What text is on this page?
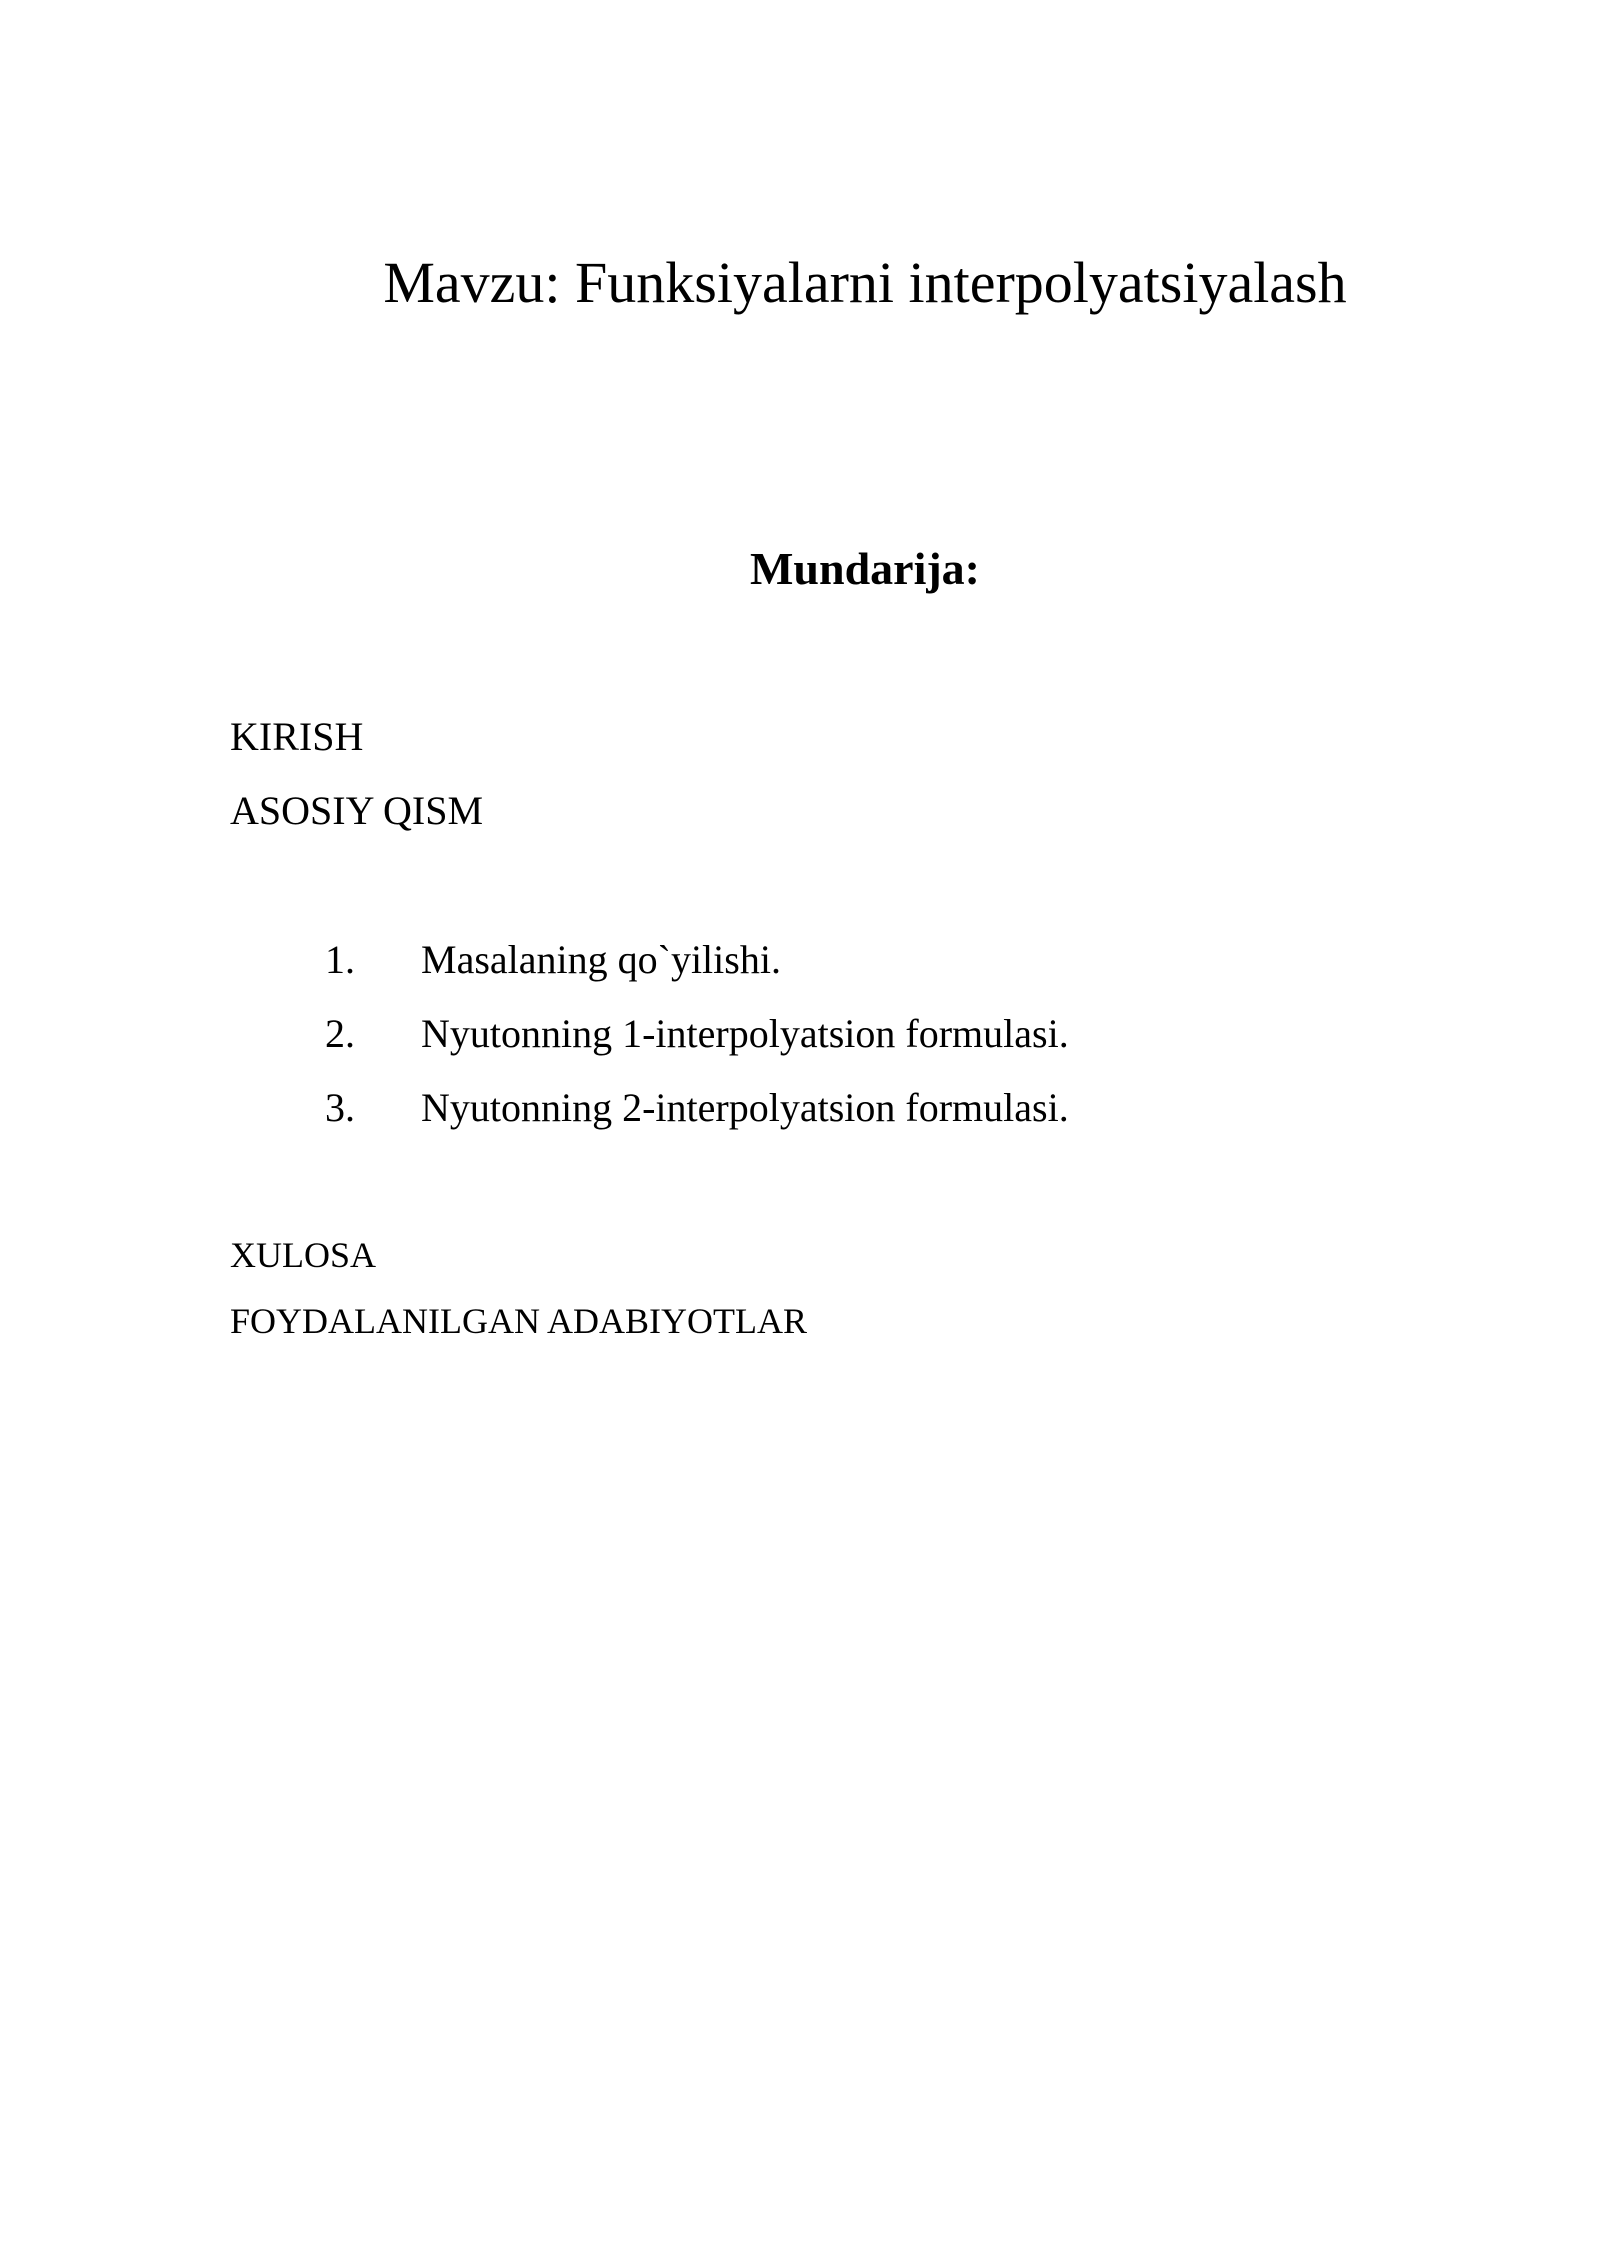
Mavzu: Funksiyalarni interpolyatsiyalash
Mundarija:

KIRISH

ASOSIY QISM

1. Masalaning qo`yilishi.
2. Nyutonning 1-interpolyatsion formulasi.
3. Nyutonning 2-interpolyatsion formulasi.

XULOSA

FOYDALANILGAN ADABIYOTLAR
